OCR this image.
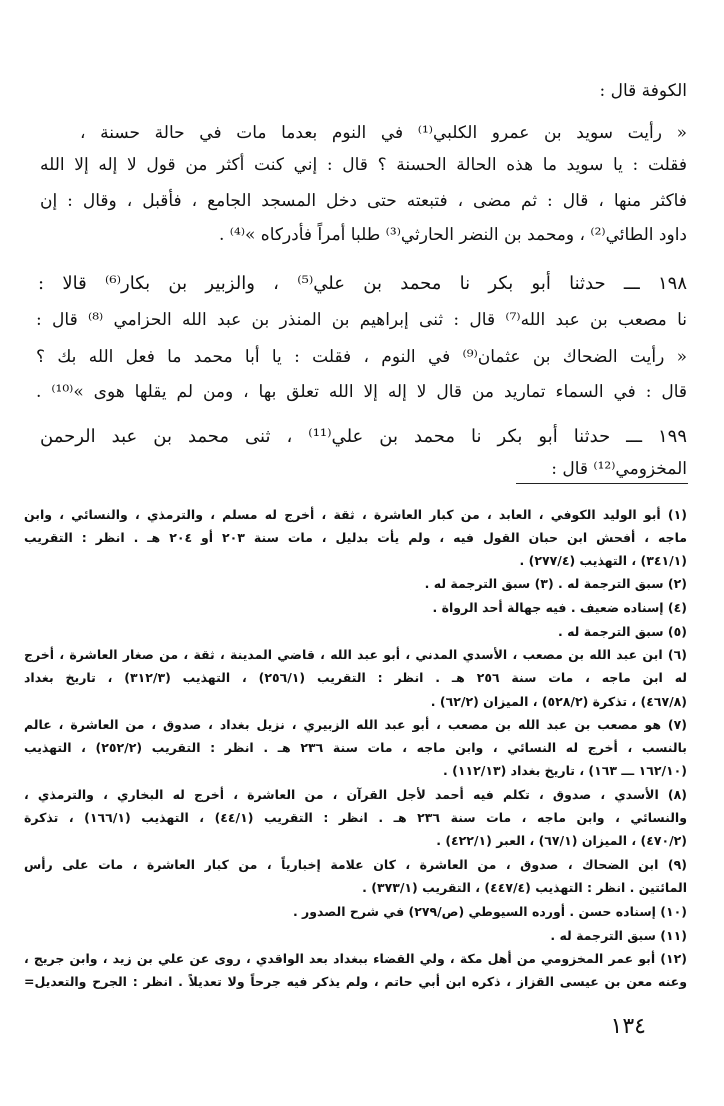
الكوفة قال :
« رأيت سويد بن عمرو الكلبي⁽¹⁾ في النوم بعدما مات في حالة حسنة ،
فقلت : يا سويد ما هذه الحالة الحسنة ؟ قال : إني كنت أكثر من قول لا إله إلا الله
فاكثر منها ، قال : ثم مضى ، فتبعته حتى دخل المسجد الجامع ، فأقبل ، وقال : إن
داود الطائي⁽²⁾ ، ومحمد بن النضر الحارثي⁽³⁾ طلبا أمراً فأدركاه »⁽⁴⁾ .
١٩٨ ـــ حدثنا أبو بكر نا محمد بن علي⁽⁵⁾ ، والزبير بن بكار⁽⁶⁾ قالا :
نا مصعب بن عبد الله⁽⁷⁾ قال : ثنى إبراهيم بن المنذر بن عبد الله الحزامي ⁽⁸⁾ قال :
« رأيت الضحاك بن عثمان⁽⁹⁾ في النوم ، فقلت : يا أبا محمد ما فعل الله بك ؟
قال : في السماء تماريد من قال لا إله إلا الله تعلق بها ، ومن لم يقلها هوى »⁽¹⁰⁾ .
١٩٩ ـــ حدثنا أبو بكر نا محمد بن علي⁽¹¹⁾ ، ثنى محمد بن عبد الرحمن
المخزومي⁽¹²⁾ قال :
(١) أبو الوليد الكوفي ، العابد ، من كبار العاشرة ، ثقة ، أخرج له مسلم ، والترمذي ، والنسائي ، وابن
ماجه ، أفحش ابن حبان القول فيه ، ولم يأت بدليل ، مات سنة ٢٠٣ أو ٢٠٤ هـ . انظر : التقريب
(٣٤١/١) ، التهذيب (٢٧٧/٤) .
(٢) سبق الترجمة له . (٣) سبق الترجمة له .
(٤) إسناده ضعيف . فيه جهالة أحد الرواة .
(٥) سبق الترجمة له .
(٦) ابن عبد الله بن مصعب ، الأسدي المدني ، أبو عبد الله ، قاضي المدينة ، ثقة ، من صغار العاشرة ، أخرج
له ابن ماجه ، مات سنة ٢٥٦ هـ . انظر : التقريب (٢٥٦/١) ، التهذيب (٣١٢/٣) ، تاريخ بغداد
(٤٦٧/٨) ، تذكرة (٥٢٨/٢) ، الميزان (٦٢/٢) .
(٧) هو مصعب بن عبد الله بن مصعب ، أبو عبد الله الزبيري ، نزيل بغداد ، صدوق ، من العاشرة ، عالم
بالنسب ، أخرج له النسائي ، وابن ماجه ، مات سنة ٢٣٦ هـ . انظر : التقريب (٢٥٢/٢) ، التهذيب
(١٦٢/١٠ ـــ ١٦٣) ، تاريخ بغداد (١١٢/١٣) .
(٨) الأسدي ، صدوق ، تكلم فيه أحمد لأجل القرآن ، من العاشرة ، أخرج له البخاري ، والترمذي ،
والنسائي ، وابن ماجه ، مات سنة ٢٣٦ هـ . انظر : التقريب (٤٤/١) ، التهذيب (١٦٦/١) ، تذكرة
(٤٧٠/٢) ، الميزان (٦٧/١) ، العبر (٤٢٢/١) .
(٩) ابن الضحاك ، صدوق ، من العاشرة ، كان علامة إخبارياً ، من كبار العاشرة ، مات على رأس
المائتين . انظر : التهذيب (٤٤٧/٤) ، التقريب (٣٧٣/١) .
(١٠) إسناده حسن . أورده السيوطي (ص/٢٧٩) في شرح الصدور .
(١١) سبق الترجمة له .
(١٢) أبو عمر المخزومي من أهل مكة ، ولي القضاء ببغداد بعد الواقدي ، روى عن علي بن زيد ، وابن جريج ،
وعنه معن بن عيسى القزاز ، ذكره ابن أبي حاتم ، ولم يذكر فيه جرحاً ولا تعديلاً . انظر : الجرح والتعديل=
١٣٤
